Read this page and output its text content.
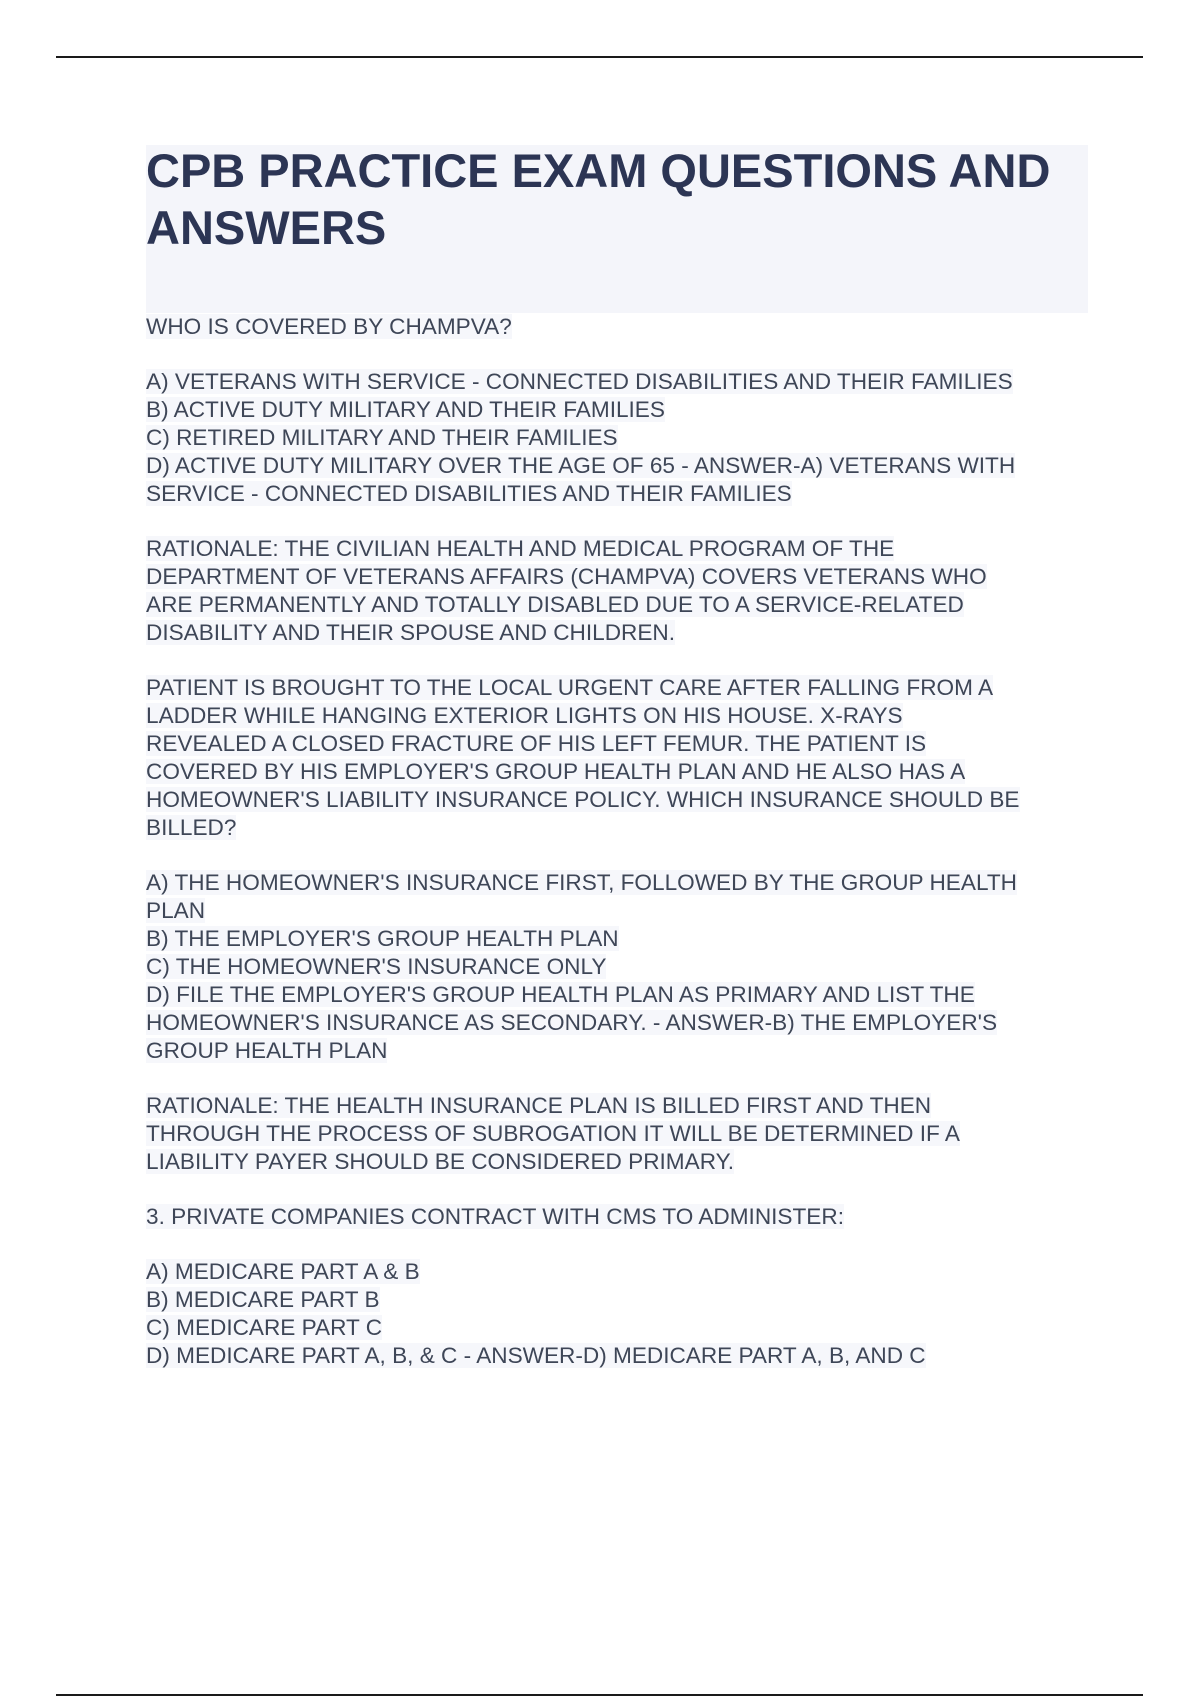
CPB PRACTICE EXAM QUESTIONS AND
ANSWERS
WHO IS COVERED BY CHAMPVA?
A) VETERANS WITH SERVICE - CONNECTED DISABILITIES AND THEIR FAMILIES
B) ACTIVE DUTY MILITARY AND THEIR FAMILIES
C) RETIRED MILITARY AND THEIR FAMILIES
D) ACTIVE DUTY MILITARY OVER THE AGE OF 65 - ANSWER-A) VETERANS WITH
SERVICE - CONNECTED DISABILITIES AND THEIR FAMILIES
RATIONALE: THE CIVILIAN HEALTH AND MEDICAL PROGRAM OF THE
DEPARTMENT OF VETERANS AFFAIRS (CHAMPVA) COVERS VETERANS WHO
ARE PERMANENTLY AND TOTALLY DISABLED DUE TO A SERVICE-RELATED
DISABILITY AND THEIR SPOUSE AND CHILDREN.
PATIENT IS BROUGHT TO THE LOCAL URGENT CARE AFTER FALLING FROM A
LADDER WHILE HANGING EXTERIOR LIGHTS ON HIS HOUSE. X-RAYS
REVEALED A CLOSED FRACTURE OF HIS LEFT FEMUR. THE PATIENT IS
COVERED BY HIS EMPLOYER'S GROUP HEALTH PLAN AND HE ALSO HAS A
HOMEOWNER'S LIABILITY INSURANCE POLICY. WHICH INSURANCE SHOULD BE
BILLED?
A) THE HOMEOWNER'S INSURANCE FIRST, FOLLOWED BY THE GROUP HEALTH
PLAN
B) THE EMPLOYER'S GROUP HEALTH PLAN
C) THE HOMEOWNER'S INSURANCE ONLY
D) FILE THE EMPLOYER'S GROUP HEALTH PLAN AS PRIMARY AND LIST THE
HOMEOWNER'S INSURANCE AS SECONDARY. - ANSWER-B) THE EMPLOYER'S
GROUP HEALTH PLAN
RATIONALE: THE HEALTH INSURANCE PLAN IS BILLED FIRST AND THEN
THROUGH THE PROCESS OF SUBROGATION IT WILL BE DETERMINED IF A
LIABILITY PAYER SHOULD BE CONSIDERED PRIMARY.
3. PRIVATE COMPANIES CONTRACT WITH CMS TO ADMINISTER:
A) MEDICARE PART A & B
B) MEDICARE PART B
C) MEDICARE PART C
D) MEDICARE PART A, B, & C - ANSWER-D) MEDICARE PART A, B, AND C
